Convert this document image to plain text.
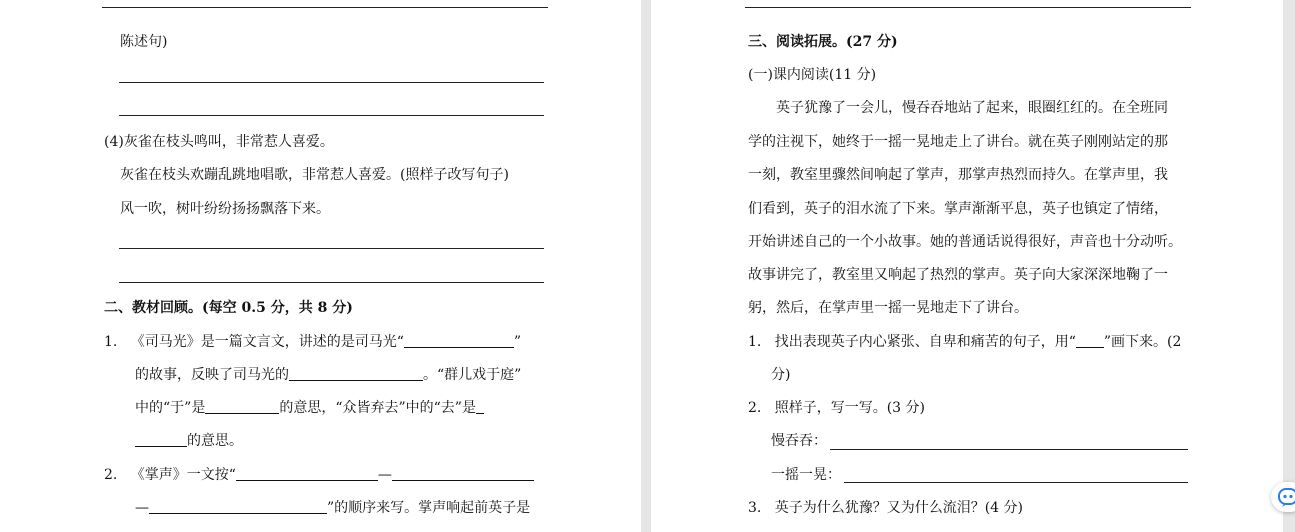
陈述句)
(4)灰雀在枝头鸣叫，非常惹人喜爱。
灰雀在枝头欢蹦乱跳地唱歌，非常惹人喜爱。(照样子改写句子)
风一吹，树叶纷纷扬扬飘落下来。
二、教材回顾。(每空 0.5 分，共 8 分)
1. 《司马光》是一篇文言文，讲述的是司马光“	”
的故事，反映了司马光的	。“群儿戏于庭”
中的“于”是	的意思，“众皆弃去”中的“去”是
的意思。
2. 《掌声》一文按“	—
—	”的顺序来写。掌声响起前英子是
三、阅读拓展。(27 分)
(一)课内阅读(11 分)
英子犹豫了一会儿，慢吞吞地站了起来，眼圈红红的。在全班同
学的注视下，她终于一摇一晃地走上了讲台。就在英子刚刚站定的那
一刻，教室里骤然间响起了掌声，那掌声热烈而持久。在掌声里，我
们看到，英子的泪水流了下来。掌声渐渐平息，英子也镇定了情绪，
开始讲述自己的一个小故事。她的普通话说得很好，声音也十分动听。
故事讲完了，教室里又响起了热烈的掌声。英子向大家深深地鞠了一
躬，然后，在掌声里一摇一晃地走下了讲台。
1. 找出表现英子内心紧张、自卑和痛苦的句子，用“ ”画下来。(2
分)
2. 照样子，写一写。(3 分)
慢吞吞：
一摇一晃：
3. 英子为什么犹豫？又为什么流泪？(4 分)
